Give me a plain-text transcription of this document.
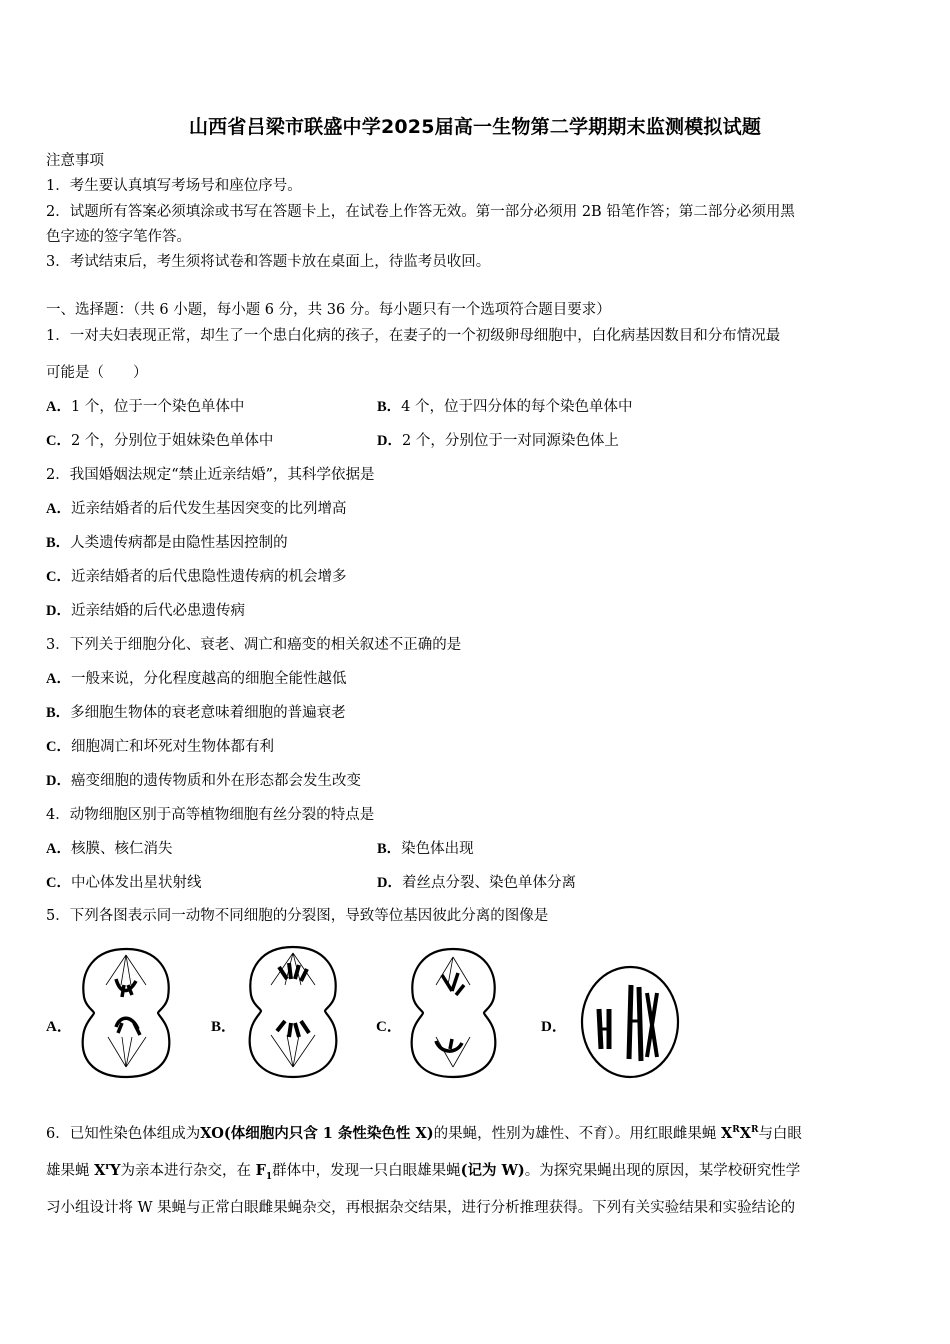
山西省吕梁市联盛中学2025届高一生物第二学期期末监测模拟试题
注意事项
1．考生要认真填写考场号和座位序号。
2．试题所有答案必须填涂或书写在答题卡上，在试卷上作答无效。第一部分必须用 2B 铅笔作答；第二部分必须用黑
色字迹的签字笔作答。
3．考试结束后，考生须将试卷和答题卡放在桌面上，待监考员收回。
一、选择题：（共 6 小题，每小题 6 分，共 36 分。每小题只有一个选项符合题目要求）
1．一对夫妇表现正常，却生了一个患白化病的孩子，在妻子的一个初级卵母细胞中，白化病基因数目和分布情况最
可能是（　　）
A．1 个，位于一个染色单体中	B．4 个，位于四分体的每个染色单体中
C．2 个，分别位于姐妹染色单体中	D．2 个，分别位于一对同源染色体上
2．我国婚姻法规定“禁止近亲结婚”，其科学依据是
A．近亲结婚者的后代发生基因突变的比列增高
B．人类遗传病都是由隐性基因控制的
C．近亲结婚者的后代患隐性遗传病的机会增多
D．近亲结婚的后代必患遗传病
3．下列关于细胞分化、衰老、凋亡和癌变的相关叙述不正确的是
A．一般来说，分化程度越高的细胞全能性越低
B．多细胞生物体的衰老意味着细胞的普遍衰老
C．细胞凋亡和坏死对生物体都有利
D．癌变细胞的遗传物质和外在形态都会发生改变
4．动物细胞区别于高等植物细胞有丝分裂的特点是
A．核膜、核仁消失	B．染色体出现
C．中心体发出星状射线	D．着丝点分裂、染色单体分离
5．下列各图表示同一动物不同细胞的分裂图，导致等位基因彼此分离的图像是
A．	B．	C．	D．
6．已知性染色体组成为XO(体细胞内只含 1 条性染色性 X)的果蝇，性别为雄性、不育）。用红眼雌果蝇 $X^RX^R$与白眼
雄果蝇 $X^rY$为亲本进行杂交，在 $F_1$群体中，发现一只白眼雄果蝇(记为 W)。为探究果蝇出现的原因，某学校研究性学
习小组设计将 W 果蝇与正常白眼雌果蝇杂交，再根据杂交结果，进行分析推理获得。下列有关实验结果和实验结论的
